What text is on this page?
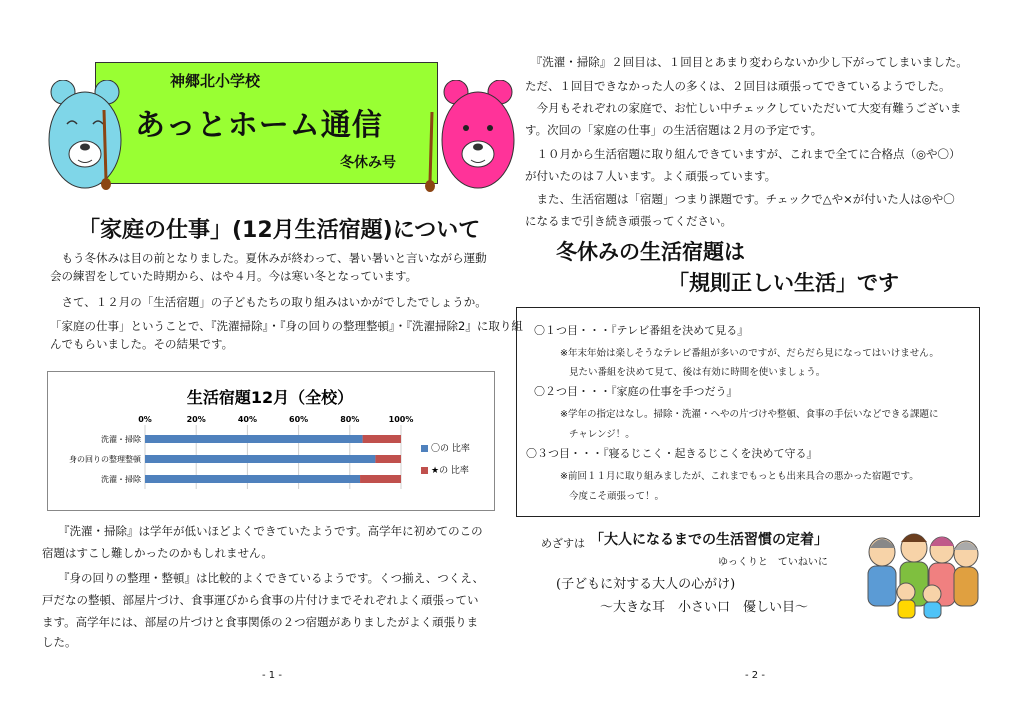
神郷北小学校
あっとホーム通信
冬休み号
「家庭の仕事」(12月生活宿題)について
　もう冬休みは目の前となりました。夏休みが終わって、暑い暑いと言いながら運動
会の練習をしていた時期から、はや４月。今は寒い冬となっています。
　さて、１２月の「生活宿題」の子どもたちの取り組みはいかがでしたでしょうか。
「家庭の仕事」ということで、『洗濯掃除』・『身の回りの整理整頓』・『洗濯掃除2』に取り組
んでもらいました。その結果です。
生活宿題12月（全校）
0%	20%	40%	60%	80%	100%
洗濯・掃除
身の回りの整理整頓
洗濯・掃除
〇の 比率
★の 比率
『洗濯・掃除』は学年が低いほどよくできていたようです。高学年に初めてのこの
宿題はすこし難しかったのかもしれません。
『身の回りの整理・整頓』は比較的よくできているようです。くつ揃え、つくえ、
戸だなの整頓、部屋片づけ、食事運びから食事の片付けまでそれぞれよく頑張ってい
ます。高学年には、部屋の片づけと食事関係の２つ宿題がありましたがよく頑張りま
した。
- 1 -
　『洗濯・掃除』２回目は、１回目とあまり変わらないか少し下がってしまいました。
ただ、１回目できなかった人の多くは、２回目は頑張ってできているようでした。
　今月もそれぞれの家庭で、お忙しい中チェックしていただいて大変有難うございま
す。次回の「家庭の仕事」の生活宿題は２月の予定です。
　１０月から生活宿題に取り組んできていますが、これまで全てに合格点（◎や〇）
が付いたのは７人います。よく頑張っています。
　また、生活宿題は「宿題」つまり課題です。チェックで△や×が付いた人は◎や〇
になるまで引き続き頑張ってください。
冬休みの生活宿題は
「規則正しい生活」です
〇１つ目・・・『テレビ番組を決めて見る』
※年末年始は楽しそうなテレビ番組が多いのですが、だらだら見になってはいけません。
見たい番組を決めて見て、後は有効に時間を使いましょう。
〇２つ目・・・『家庭の仕事を手つだう』
※学年の指定はなし。掃除・洗濯・へやの片づけや整頓、食事の手伝いなどできる課題に
チャレンジ！。
〇３つ目・・・『寝るじこく・起きるじこくを決めて守る』
※前回１１月に取り組みましたが、これまでもっとも出来具合の悪かった宿題です。
今度こそ頑張って！。
めざすは 「大人になるまでの生活習慣の定着」
ゆっくりと　ていねいに
(子どもに対する大人の心がけ)
～大きな耳　小さい口　優しい目～
- 2 -
